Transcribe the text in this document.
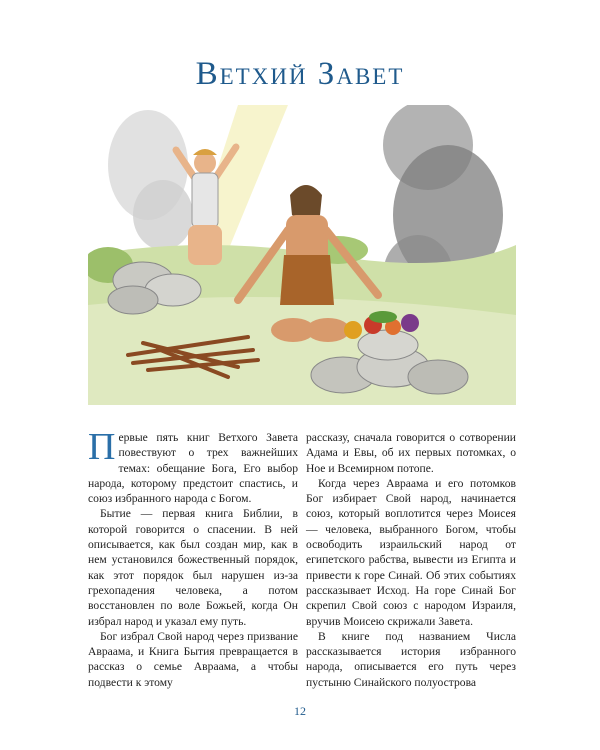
Ветхий Завет

Первые пять книг Ветхого Завета повествуют о трех важнейших темах: обещание Бога, Его выбор народа, которому предстоит спастись, и союз избранного народа с Богом.

Бытие — первая книга Библии, в которой говорится о спасении. В ней описывается, как был создан мир, как в нем установился божественный порядок, как этот порядок был нарушен из-за грехопадения человека, а потом восстановлен по воле Божьей, когда Он избрал народ и указал ему путь.

Бог избрал Свой народ через призвание Авраама, и Книга Бытия превращается в рассказ о семье Авраама, а чтобы подвести к этому

рассказу, сначала говорится о сотворении Адама и Евы, об их первых потомках, о Ное и Всемирном потопе.

Когда через Авраама и его потомков Бог избирает Свой народ, начинается союз, который воплотится через Моисея — человека, выбранного Богом, чтобы освободить израильский народ от египетского рабства, вывести из Египта и привести к горе Синай. Об этих событиях рассказывает Исход. На горе Синай Бог скрепил Свой союз с народом Израиля, вручив Моисею скрижали Завета.

В книге под названием Числа рассказывается история избранного народа, описывается его путь через пустыню Синайского полуострова

12
